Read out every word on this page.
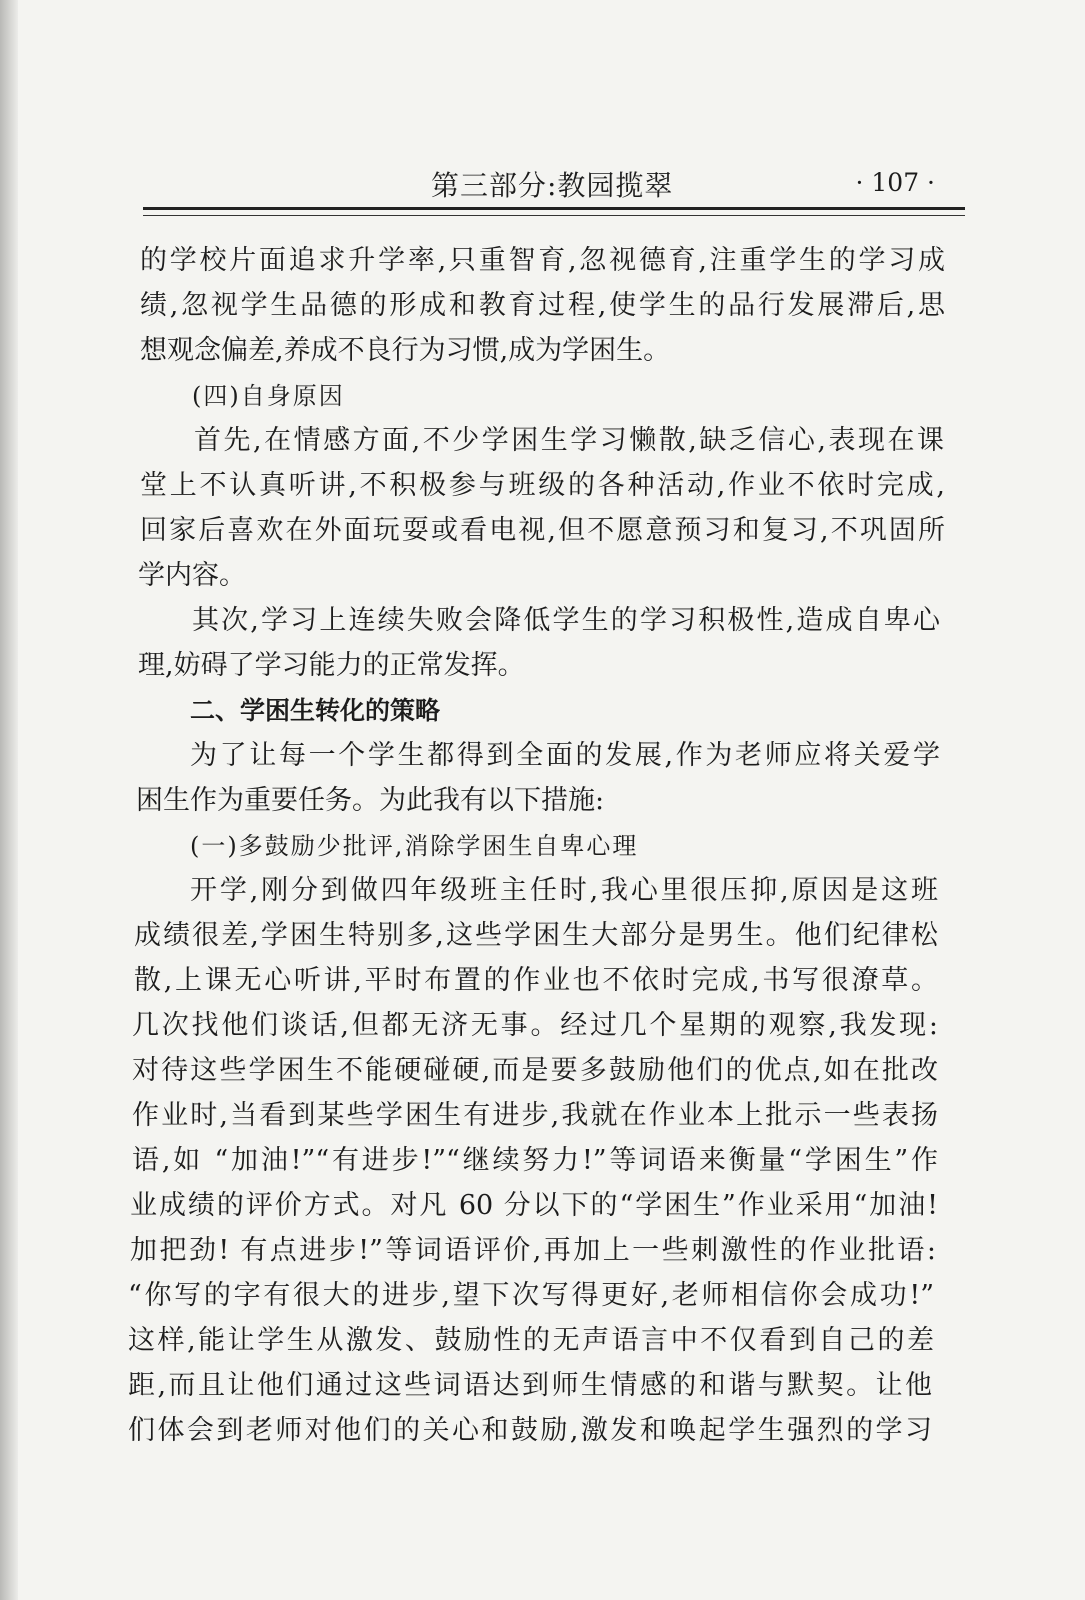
第三部分:教园揽翠	· 107 ·
的学校片面追求升学率,只重智育,忽视德育,注重学生的学习成
绩,忽视学生品德的形成和教育过程,使学生的品行发展滞后,思
想观念偏差,养成不良行为习惯,成为学困生。
(四)自身原因
首先,在情感方面,不少学困生学习懒散,缺乏信心,表现在课
堂上不认真听讲,不积极参与班级的各种活动,作业不依时完成,
回家后喜欢在外面玩耍或看电视,但不愿意预习和复习,不巩固所
学内容。
其次,学习上连续失败会降低学生的学习积极性,造成自卑心
理,妨碍了学习能力的正常发挥。
二、学困生转化的策略
为了让每一个学生都得到全面的发展,作为老师应将关爱学
困生作为重要任务。为此我有以下措施:
(一)多鼓励少批评,消除学困生自卑心理
开学,刚分到做四年级班主任时,我心里很压抑,原因是这班
成绩很差,学困生特别多,这些学困生大部分是男生。他们纪律松
散,上课无心听讲,平时布置的作业也不依时完成,书写很潦草。
几次找他们谈话,但都无济无事。经过几个星期的观察,我发现:
对待这些学困生不能硬碰硬,而是要多鼓励他们的优点,如在批改
作业时,当看到某些学困生有进步,我就在作业本上批示一些表扬
语,如 “加油!”“有进步!”“继续努力!”等词语来衡量“学困生”作
业成绩的评价方式。对凡 60 分以下的“学困生”作业采用“加油!
加把劲! 有点进步!”等词语评价,再加上一些刺激性的作业批语:
“你写的字有很大的进步,望下次写得更好,老师相信你会成功!”
这样,能让学生从激发、鼓励性的无声语言中不仅看到自己的差
距,而且让他们通过这些词语达到师生情感的和谐与默契。让他
们体会到老师对他们的关心和鼓励,激发和唤起学生强烈的学习
